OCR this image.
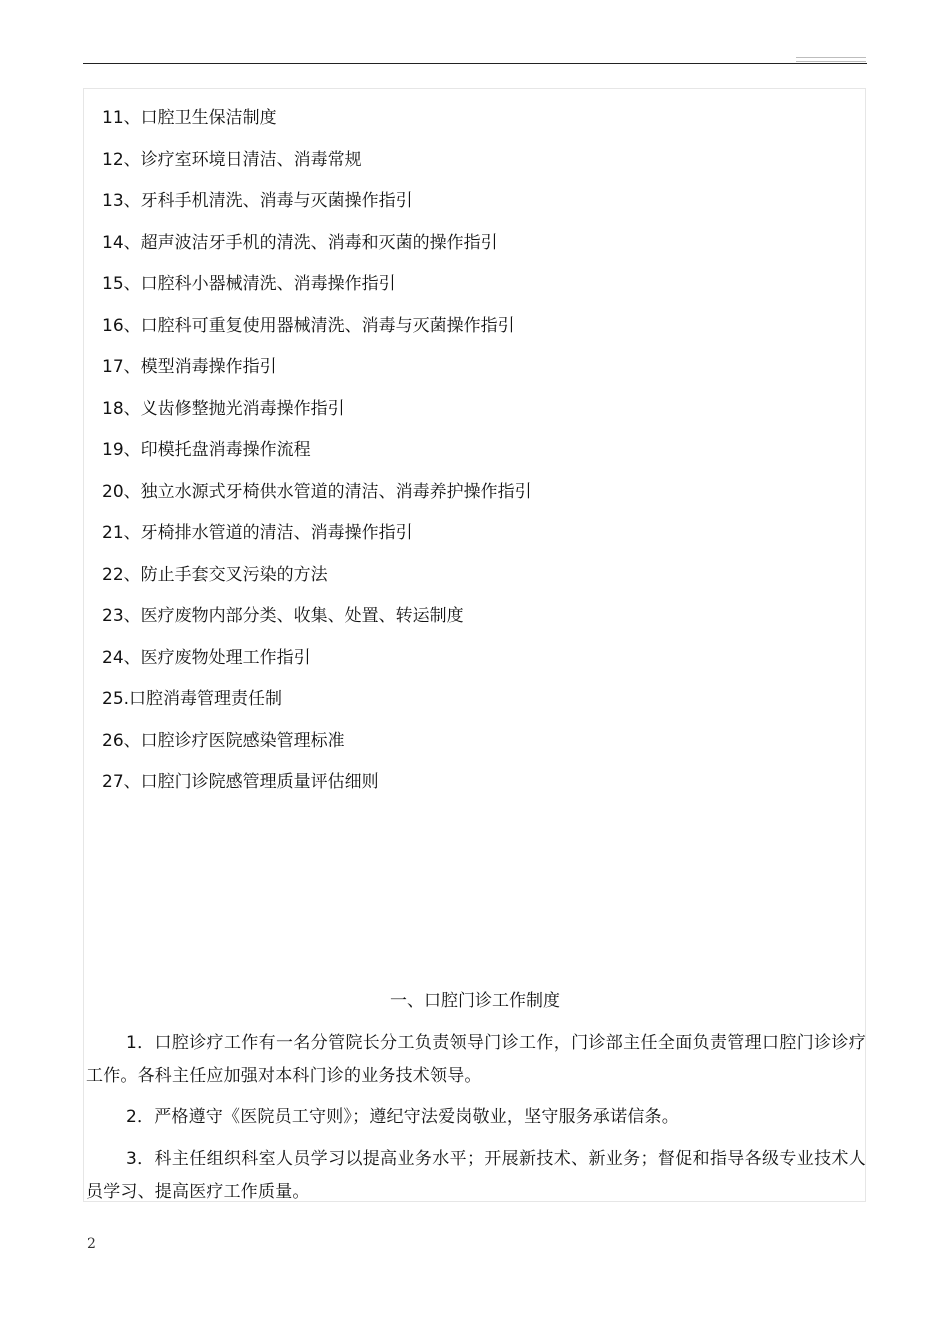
11、口腔卫生保洁制度
12、诊疗室环境日清洁、消毒常规
13、牙科手机清洗、消毒与灭菌操作指引
14、超声波洁牙手机的清洗、消毒和灭菌的操作指引
15、口腔科小器械清洗、消毒操作指引
16、口腔科可重复使用器械清洗、消毒与灭菌操作指引
17、模型消毒操作指引
18、义齿修整抛光消毒操作指引
19、印模托盘消毒操作流程
20、独立水源式牙椅供水管道的清洁、消毒养护操作指引
21、牙椅排水管道的清洁、消毒操作指引
22、防止手套交叉污染的方法
23、医疗废物内部分类、收集、处置、转运制度
24、医疗废物处理工作指引
25.口腔消毒管理责任制
26、口腔诊疗医院感染管理标准
27、口腔门诊院感管理质量评估细则
一、口腔门诊工作制度

1．口腔诊疗工作有一名分管院长分工负责领导门诊工作，门诊部主任全面负责管理口腔门诊诊疗工作。各科主任应加强对本科门诊的业务技术领导。

2．严格遵守《医院员工守则》；遵纪守法爱岗敬业，坚守服务承诺信条。

3．科主任组织科室人员学习以提高业务水平；开展新技术、新业务；督促和指导各级专业技术人员学习、提高医疗工作质量。

2
